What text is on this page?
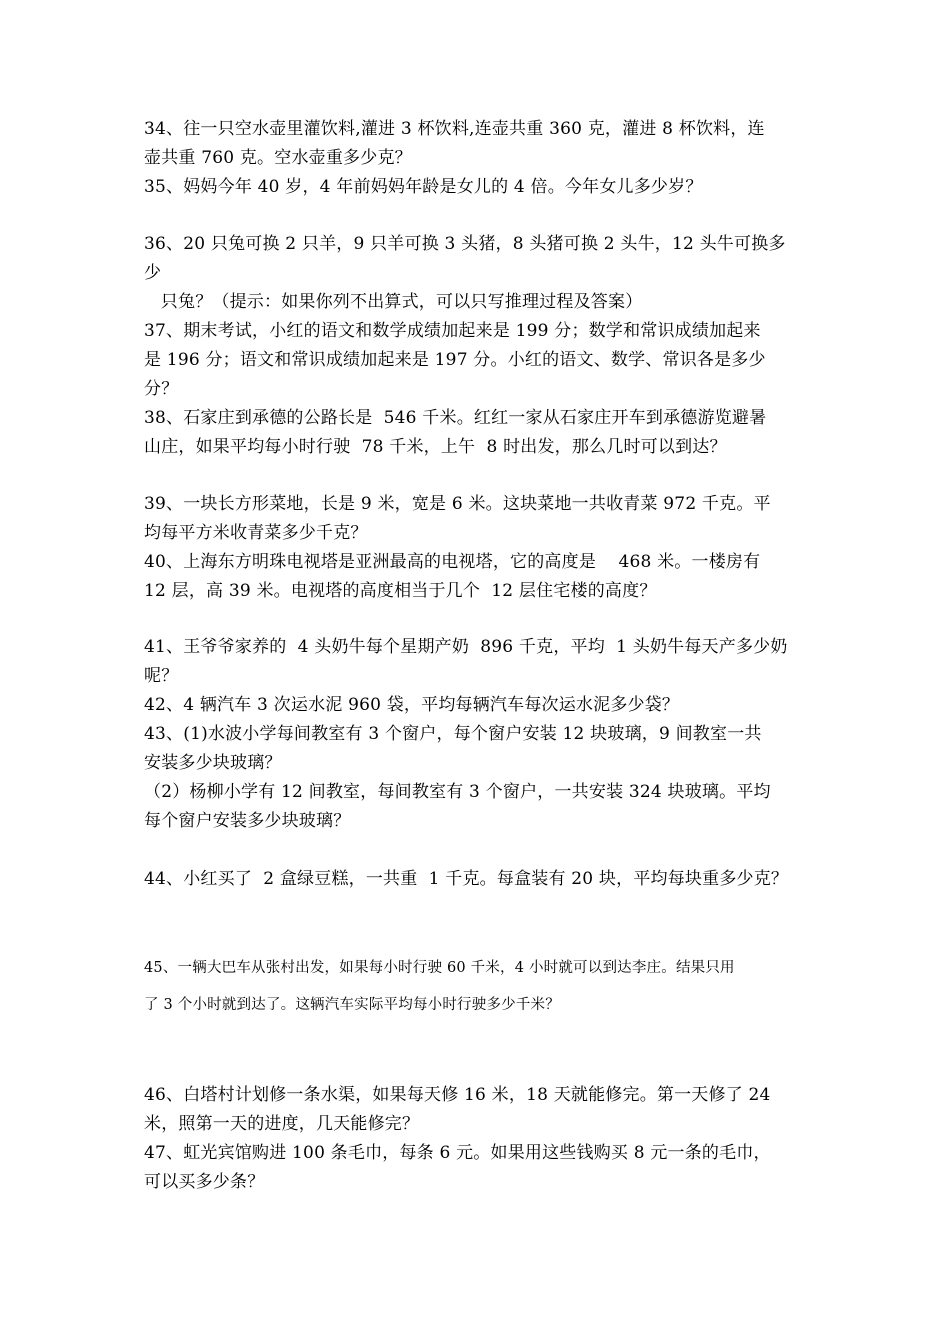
34、往一只空水壶里灌饮料,灌进 3 杯饮料,连壶共重 360 克，灌进 8 杯饮料，连
壶共重 760 克。空水壶重多少克？
35、妈妈今年 40 岁，4 年前妈妈年龄是女儿的 4 倍。今年女儿多少岁？
36、20 只兔可换 2 只羊，9 只羊可换 3 头猪，8 头猪可换 2 头牛，12 头牛可换多
少
只兔？（提示：如果你列不出算式，可以只写推理过程及答案）
37、期末考试，小红的语文和数学成绩加起来是 199 分；数学和常识成绩加起来
是 196 分；语文和常识成绩加起来是 197 分。小红的语文、数学、常识各是多少
分？
38、石家庄到承德的公路长是  546 千米。红红一家从石家庄开车到承德游览避暑
山庄，如果平均每小时行驶  78 千米，上午  8 时出发，那么几时可以到达？
39、一块长方形菜地，长是 9 米，宽是 6 米。这块菜地一共收青菜 972 千克。平
均每平方米收青菜多少千克？
40、上海东方明珠电视塔是亚洲最高的电视塔，它的高度是    468 米。一楼房有
12 层，高 39 米。电视塔的高度相当于几个  12 层住宅楼的高度？
41、王爷爷家养的  4 头奶牛每个星期产奶  896 千克，平均  1 头奶牛每天产多少奶
呢？
42、4 辆汽车 3 次运水泥 960 袋，平均每辆汽车每次运水泥多少袋？
43、(1)水波小学每间教室有 3 个窗户，每个窗户安装 12 块玻璃，9 间教室一共
安装多少块玻璃？
（2）杨柳小学有 12 间教室，每间教室有 3 个窗户，一共安装 324 块玻璃。平均
每个窗户安装多少块玻璃？
44、小红买了  2 盒绿豆糕，一共重  1 千克。每盒装有 20 块，平均每块重多少克？
45、一辆大巴车从张村出发，如果每小时行驶 60 千米，4 小时就可以到达李庄。结果只用
了 3 个小时就到达了。这辆汽车实际平均每小时行驶多少千米？
46、白塔村计划修一条水渠，如果每天修 16 米，18 天就能修完。第一天修了 24
米，照第一天的进度，几天能修完？
47、虹光宾馆购进 100 条毛巾，每条 6 元。如果用这些钱购买 8 元一条的毛巾，
可以买多少条？
